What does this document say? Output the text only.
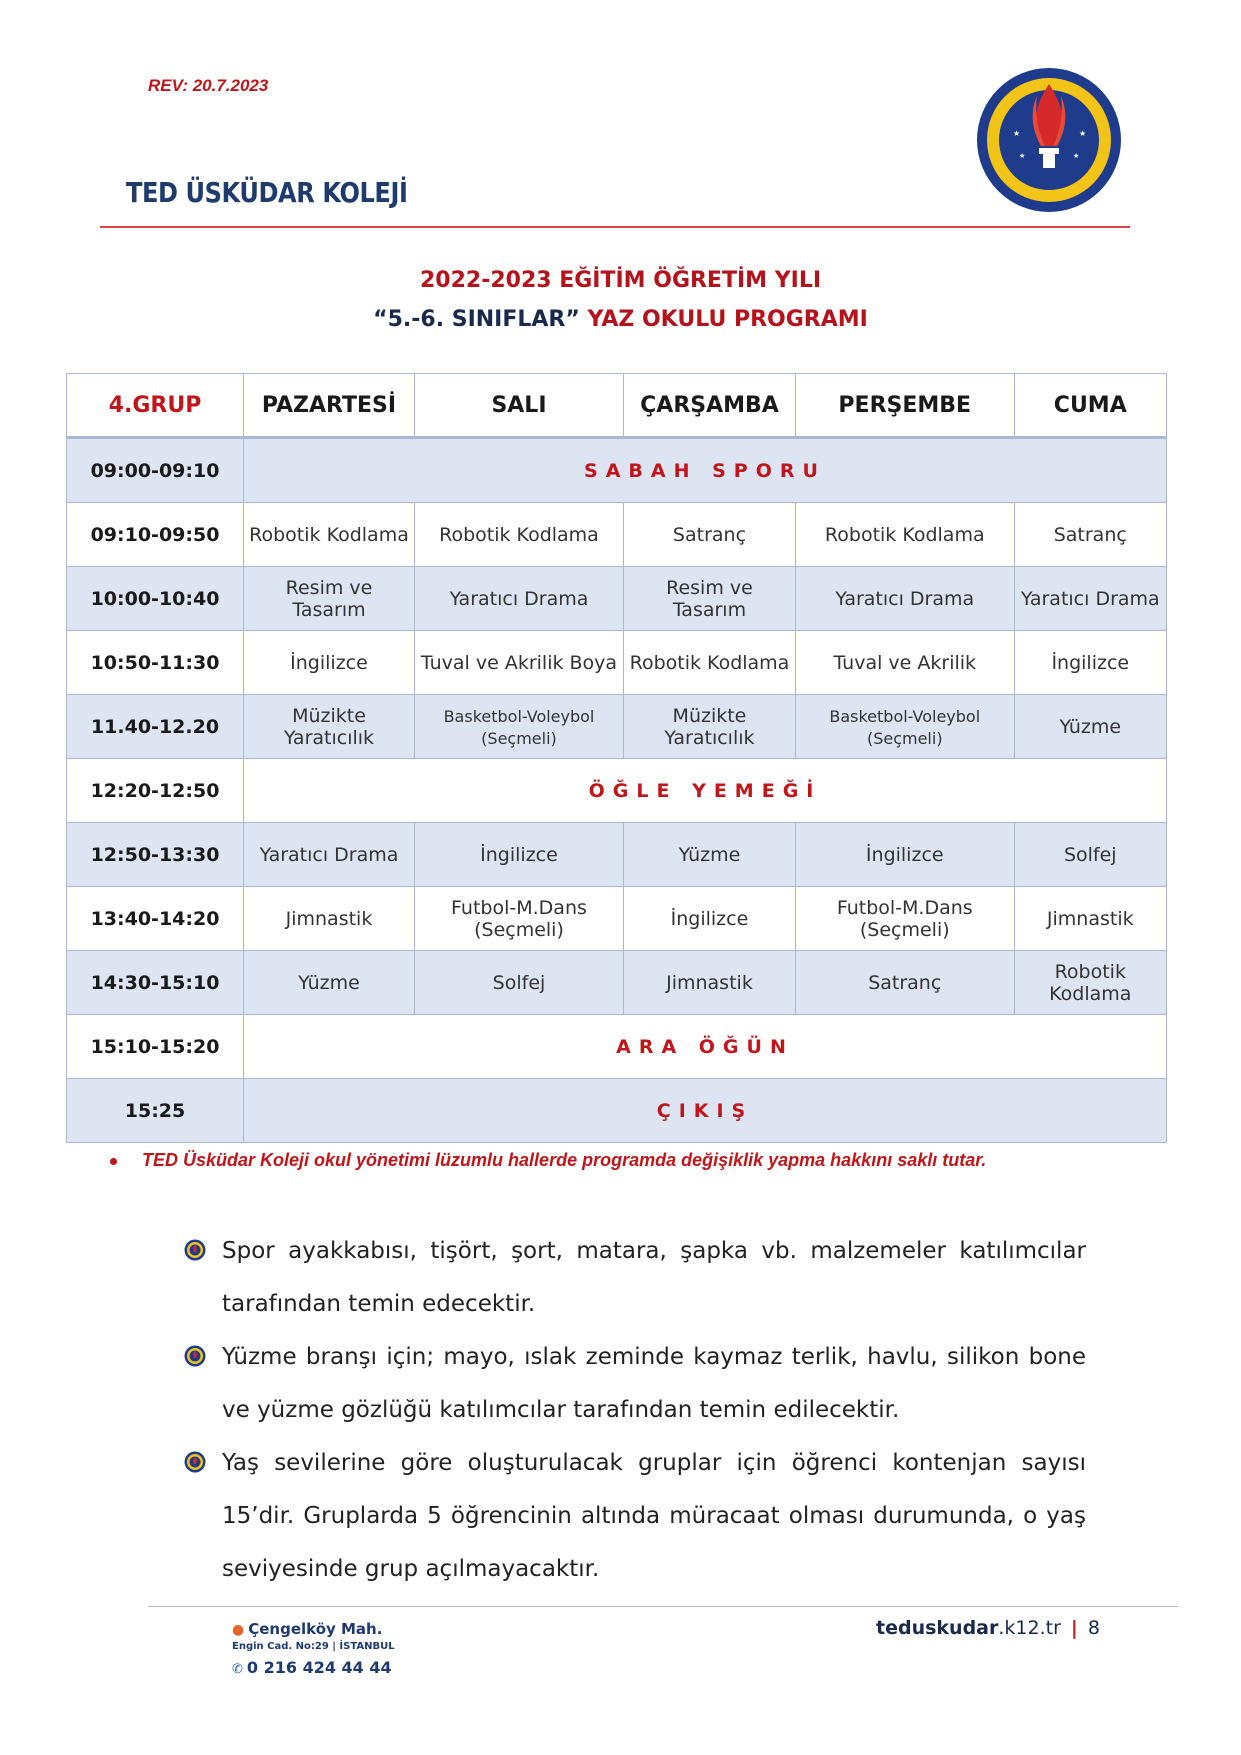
REV: 20.7.2023
TED ÜSKÜDAR KOLEJİ
★	★
★	★
2022-2023 EĞİTİM ÖĞRETİM YILI
“5.-6. SINIFLAR” YAZ OKULU PROGRAMI
4.GRUP	PAZARTESİ	SALI	ÇARŞAMBA	PERŞEMBE	CUMA
09:00-09:10	SABAH SPORU				
09:10-09:50	Robotik Kodlama	Robotik Kodlama	Satranç	Robotik Kodlama	Satranç
10:00-10:40	Resim ve Tasarım	Yaratıcı Drama	Resim ve Tasarım	Yaratıcı Drama	Yaratıcı Drama
10:50-11:30	İngilizce	Tuval ve Akrilik Boya	Robotik Kodlama	Tuval ve Akrilik	İngilizce
11.40-12.20	Müzikte Yaratıcılık	Basketbol-Voleybol (Seçmeli)	Müzikte Yaratıcılık	Basketbol-Voleybol (Seçmeli)	Yüzme
12:20-12:50	ÖĞLE YEMEĞİ				
12:50-13:30	Yaratıcı Drama	İngilizce	Yüzme	İngilizce	Solfej
13:40-14:20	Jimnastik	Futbol-M.Dans (Seçmeli)	İngilizce	Futbol-M.Dans (Seçmeli)	Jimnastik
14:30-15:10	Yüzme	Solfej	Jimnastik	Satranç	Robotik Kodlama
15:10-15:20	ARA ÖĞÜN				
15:25	ÇIKIŞ				
TED Üsküdar Koleji okul yönetimi lüzumlu hallerde programda değişiklik yapma hakkını saklı tutar.
Spor ayakkabısı, tişört, şort, matara, şapka vb. malzemeler katılımcılar tarafından temin edecektir.
Yüzme branşı için; mayo, ıslak zeminde kaymaz terlik, havlu, silikon bone ve yüzme gözlüğü katılımcılar tarafından temin edilecektir.
Yaş sevilerine göre oluşturulacak gruplar için öğrenci kontenjan sayısı 15’dir. Gruplarda 5 öğrencinin altında müracaat olması durumunda, o yaş seviyesinde grup açılmayacaktır.
● Çengelköy Mah.
Engin Cad. No:29 | İSTANBUL
✆ 0 216 424 44 44
teduskudar.k12.tr | 8
